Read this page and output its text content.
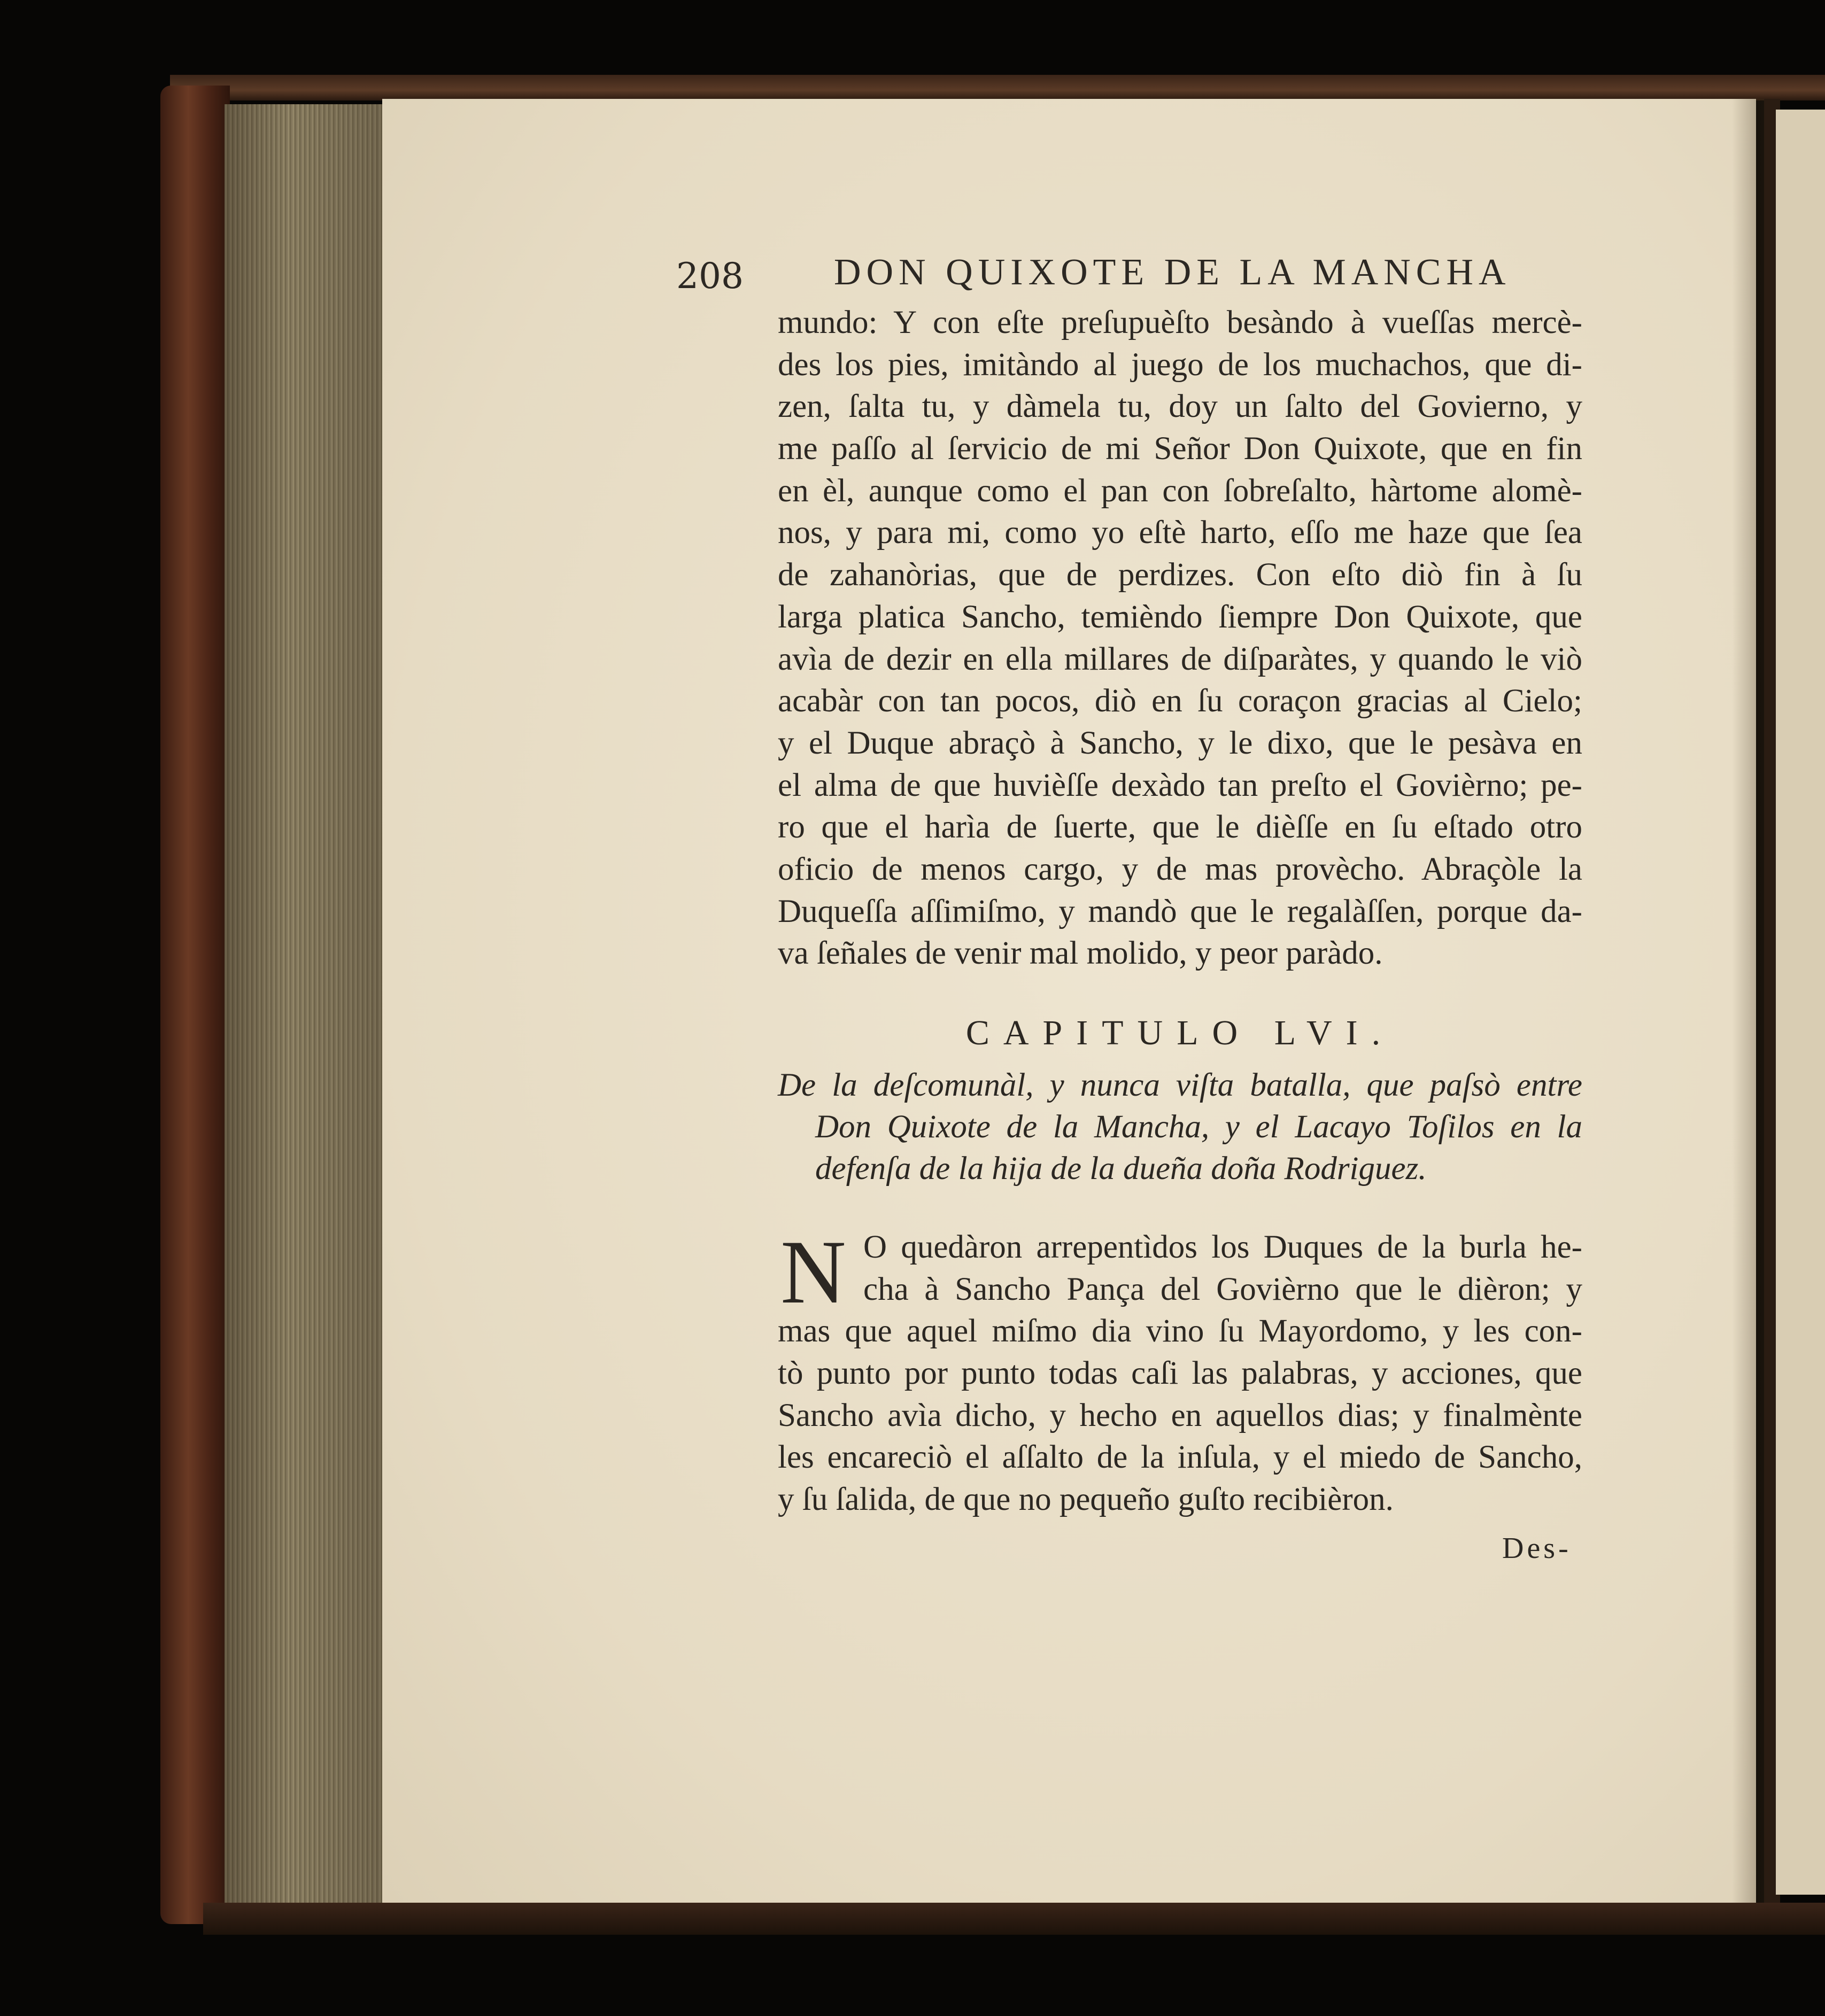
208 DON QUIXOTE DE LA MANCHA
mundo: Y con eſte preſupuèſto besàndo à vueſſas mercè-
des los pies, imitàndo al juego de los muchachos, que di-
zen, ſalta tu, y dàmela tu, doy un ſalto del Govierno, y
me paſſo al ſervicio de mi Señor Don Quixote, que en fin
en èl, aunque como el pan con ſobreſalto, hàrtome alomè-
nos, y para mi, como yo eſtè harto, eſſo me haze que ſea
de zahanòrias, que de perdizes. Con eſto diò fin à ſu
larga platica Sancho, temièndo ſiempre Don Quixote, que
avìa de dezir en ella millares de diſparàtes, y quando le viò
acabàr con tan pocos, diò en ſu coraçon gracias al Cielo;
y el Duque abraçò à Sancho, y le dixo, que le pesàva en
el alma de que huvièſſe dexàdo tan preſto el Govièrno; pe-
ro que el harìa de ſuerte, que le dièſſe en ſu eſtado otro
oficio de menos cargo, y de mas provècho. Abraçòle la
Duqueſſa aſſimiſmo, y mandò que le regalàſſen, porque da-
va ſeñales de venir mal molido, y peor paràdo.
CAPITULO LVI.
De la deſcomunàl, y nunca viſta batalla, que paſsò entre
Don Quixote de la Mancha, y el Lacayo Toſilos en la
defenſa de la hija de la dueña doña Rodriguez.
N O quedàron arrepentìdos los Duques de la burla he-
cha à Sancho Pança del Govièrno que le dièron; y
mas que aquel miſmo dia vino ſu Mayordomo, y les con-
tò punto por punto todas caſi las palabras, y acciones, que
Sancho avìa dicho, y hecho en aquellos dias; y finalmènte
les encareciò el aſſalto de la inſula, y el miedo de Sancho,
y ſu ſalida, de que no pequeño guſto recibièron.
Des-
